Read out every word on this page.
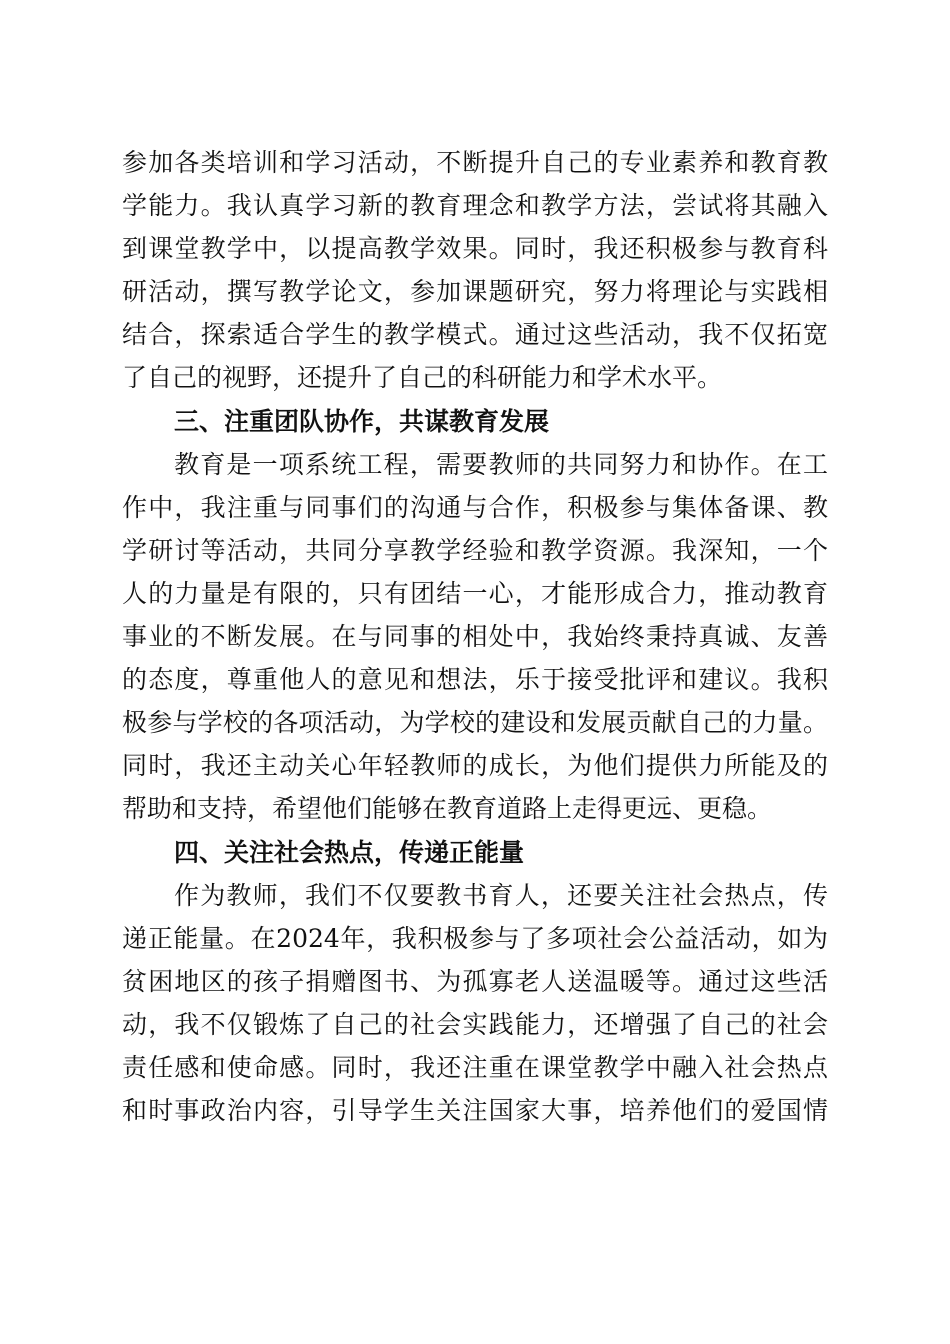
参加各类培训和学习活动，不断提升自己的专业素养和教育教
学能力。我认真学习新的教育理念和教学方法，尝试将其融入
到课堂教学中，以提高教学效果。同时，我还积极参与教育科
研活动，撰写教学论文，参加课题研究，努力将理论与实践相
结合，探索适合学生的教学模式。通过这些活动，我不仅拓宽
了自己的视野，还提升了自己的科研能力和学术水平。
三、注重团队协作，共谋教育发展
教育是一项系统工程，需要教师的共同努力和协作。在工
作中，我注重与同事们的沟通与合作，积极参与集体备课、教
学研讨等活动，共同分享教学经验和教学资源。我深知，一个
人的力量是有限的，只有团结一心，才能形成合力，推动教育
事业的不断发展。在与同事的相处中，我始终秉持真诚、友善
的态度，尊重他人的意见和想法，乐于接受批评和建议。我积
极参与学校的各项活动，为学校的建设和发展贡献自己的力量。
同时，我还主动关心年轻教师的成长，为他们提供力所能及的
帮助和支持，希望他们能够在教育道路上走得更远、更稳。
四、关注社会热点，传递正能量
作为教师，我们不仅要教书育人，还要关注社会热点，传
递正能量。在2024年，我积极参与了多项社会公益活动，如为
贫困地区的孩子捐赠图书、为孤寡老人送温暖等。通过这些活
动，我不仅锻炼了自己的社会实践能力，还增强了自己的社会
责任感和使命感。同时，我还注重在课堂教学中融入社会热点
和时事政治内容，引导学生关注国家大事，培养他们的爱国情
